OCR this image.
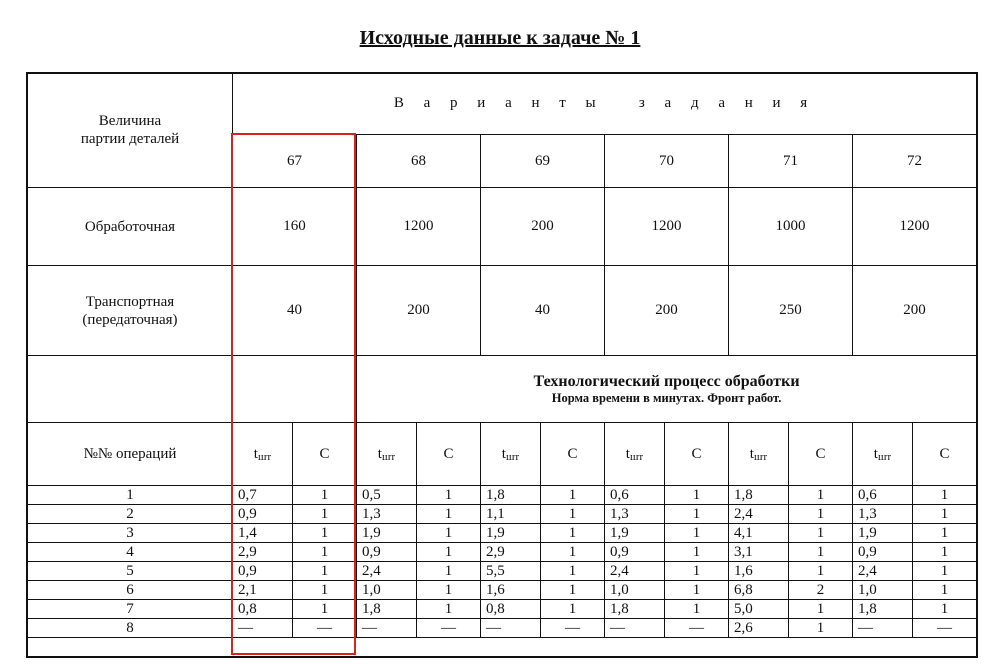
Исходные данные к задаче № 1
Величина
партии деталей	В а р и а н т ы   з а д а н и я											
	67		68		69		70		71		72	
Обработочная	160		1200		200		1200		1000		1200	
Транспортная
(передаточная)	40		200		40		200		250		200	

			Технологический процесс обработки
Норма времени в минутах. Фронт работ.									

№№ операций	tшт	С	tшт	С	tшт	С	tшт	С	tшт	С	tшт	С
1	0,7	1	0,5	1	1,8	1	0,6	1	1,8	1	0,6	1
2	0,9	1	1,3	1	1,1	1	1,3	1	2,4	1	1,3	1
3	1,4	1	1,9	1	1,9	1	1,9	1	4,1	1	1,9	1
4	2,9	1	0,9	1	2,9	1	0,9	1	3,1	1	0,9	1
5	0,9	1	2,4	1	5,5	1	2,4	1	1,6	1	2,4	1
6	2,1	1	1,0	1	1,6	1	1,0	1	6,8	2	1,0	1
7	0,8	1	1,8	1	0,8	1	1,8	1	5,0	1	1,8	1
8	—	—	—	—	—	—	—	—	2,6	1	—	—
